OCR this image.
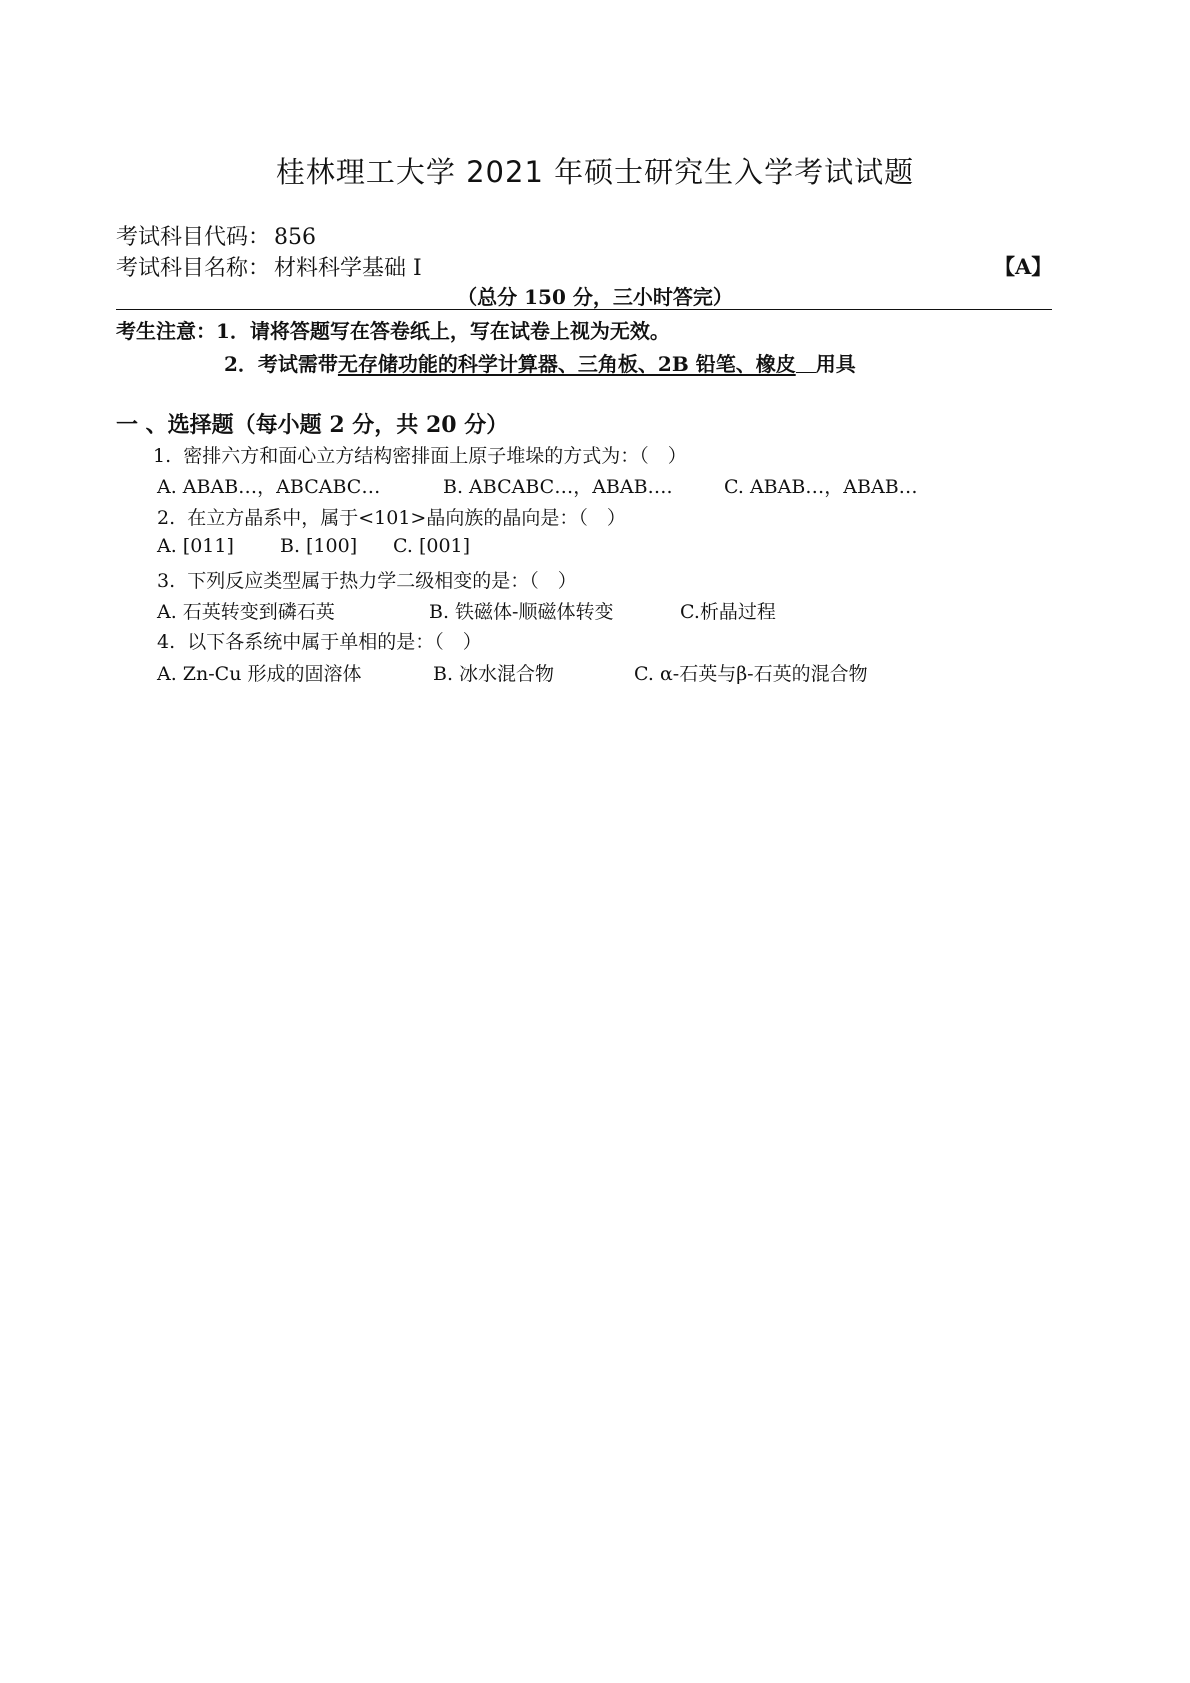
桂林理工大学 2021 年硕士研究生入学考试试题
考试科目代码： 856
考试科目名称： 材料科学基础 I	【A】
（总分 150 分，三小时答完）
考生注意：1．请将答题写在答卷纸上，写在试卷上视为无效。
2．考试需带无存储功能的科学计算器、三角板、2B 铅笔、橡皮 用具
一 、选择题（每小题 2 分，共 20 分）
1. 密排六方和面心立方结构密排面上原子堆垛的方式为：（　）
A. ABAB…，ABCABC…	B. ABCABC…，ABAB….	C. ABAB…，ABAB…
2. 在立方晶系中，属于<101>晶向族的晶向是：（　）
A. [011] B. [100] C. [001]
3. 下列反应类型属于热力学二级相变的是：（　）
A. 石英转变到磷石英	B. 铁磁体-顺磁体转变	C.析晶过程
4. 以下各系统中属于单相的是：（　）
A. Zn-Cu 形成的固溶体	B. 冰水混合物	C. α-石英与β-石英的混合物
